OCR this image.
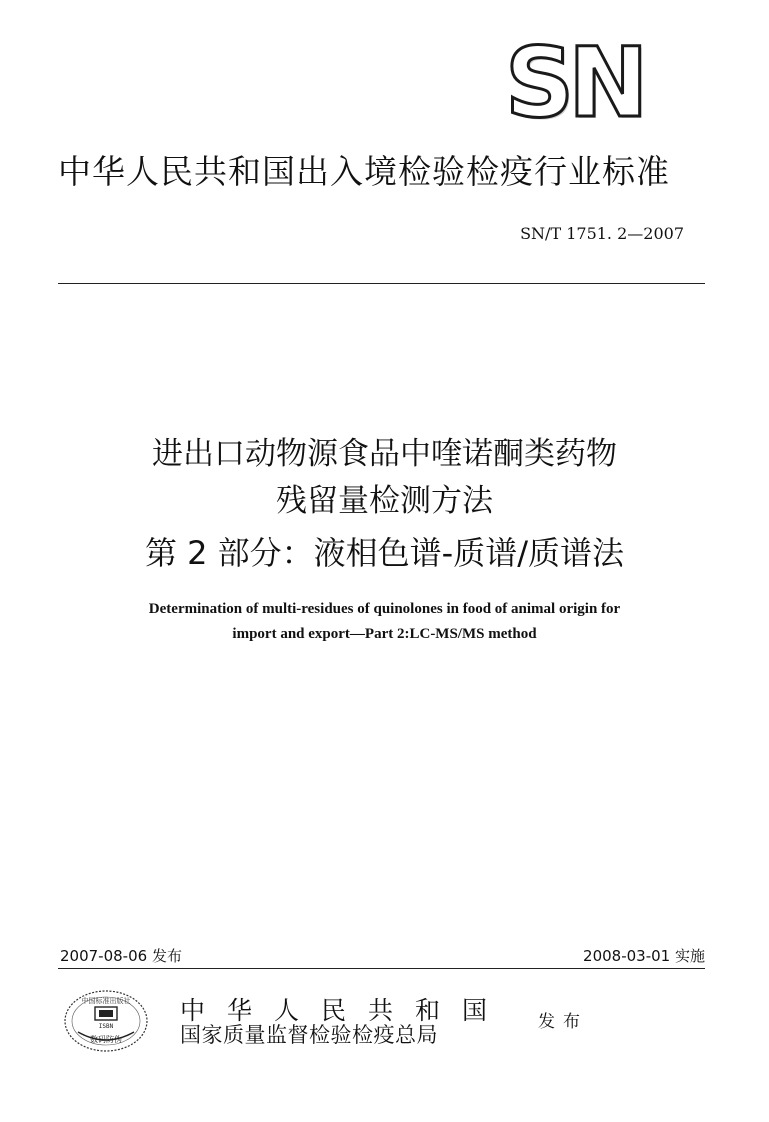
SN
中华人民共和国出入境检验检疫行业标准
SN/T 1751. 2—2007
进出口动物源食品中喹诺酮类药物
残留量检测方法
第 2 部分：液相色谱-质谱/质谱法
Determination of multi-residues of quinolones in food of animal origin for
import and export—Part 2:LC-MS/MS method
2007-08-06 发布	2008-03-01 实施
中国标准出版社
ISBN
数码防伪
中华人民共和国
国家质量监督检验检疫总局
发布
